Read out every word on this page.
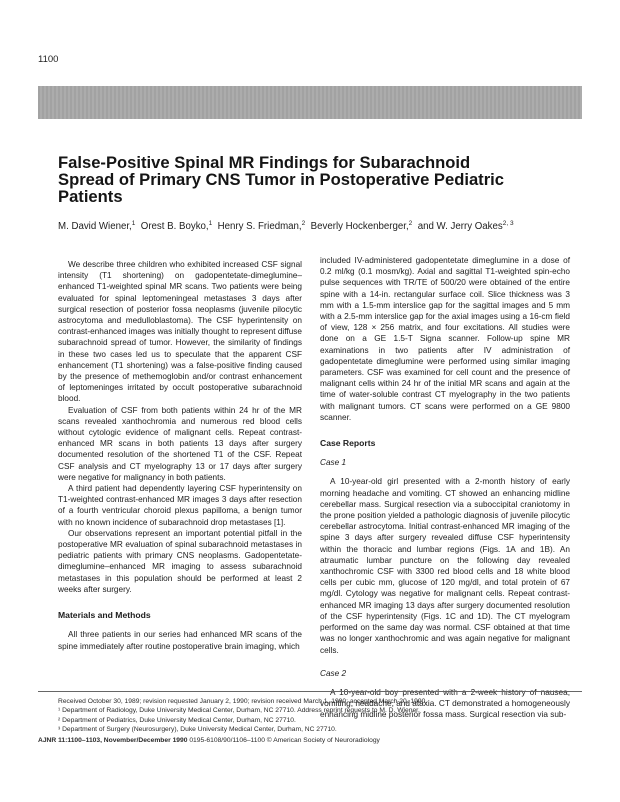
1100
False-Positive Spinal MR Findings for Subarachnoid Spread of Primary CNS Tumor in Postoperative Pediatric Patients
M. David Wiener,$^1$ Orest B. Boyko,$^1$ Henry S. Friedman,$^2$ Beverly Hockenberger,$^2$ and W. Jerry Oakes$^{2, 3}$

We describe three children who exhibited increased CSF signal intensity (T1 shortening) on gadopentetate-dimeglumine–enhanced T1-weighted spinal MR scans. Two patients were being evaluated for spinal leptomeningeal metastases 3 days after surgical resection of posterior fossa neoplasms (juvenile pilocytic astrocytoma and medulloblastoma). The CSF hyperintensity on contrast-enhanced images was initially thought to represent diffuse subarachnoid spread of tumor. However, the similarity of findings in these two cases led us to speculate that the apparent CSF enhancement (T1 shortening) was a false-positive finding caused by the presence of methemoglobin and/or contrast enhancement of leptomeninges irritated by occult postoperative subarachnoid blood.

Evaluation of CSF from both patients within 24 hr of the MR scans revealed xanthochromia and numerous red blood cells without cytologic evidence of malignant cells. Repeat contrast-enhanced MR scans in both patients 13 days after surgery documented resolution of the shortened T1 of the CSF. Repeat CSF analysis and CT myelography 13 or 17 days after surgery were negative for malignancy in both patients.

A third patient had dependently layering CSF hyperintensity on T1-weighted contrast-enhanced MR images 3 days after resection of a fourth ventricular choroid plexus papilloma, a benign tumor with no known incidence of subarachnoid drop metastases [1].

Our observations represent an important potential pitfall in the postoperative MR evaluation of spinal subarachnoid metastases in pediatric patients with primary CNS neoplasms. Gadopentetate-dimeglumine–enhanced MR imaging to assess subarachnoid metastases in this population should be performed at least 2 weeks after surgery.

Materials and Methods

All three patients in our series had enhanced MR scans of the spine immediately after routine postoperative brain imaging, which

included IV-administered gadopentetate dimeglumine in a dose of 0.2 ml/kg (0.1 mosm/kg). Axial and sagittal T1-weighted spin-echo pulse sequences with TR/TE of 500/20 were obtained of the entire spine with a 14-in. rectangular surface coil. Slice thickness was 3 mm with a 1.5-mm interslice gap for the sagittal images and 5 mm with a 2.5-mm interslice gap for the axial images using a 16-cm field of view, 128 × 256 matrix, and four excitations. All studies were done on a GE 1.5-T Signa scanner. Follow-up spine MR examinations in two patients after IV administration of gadopentetate dimeglumine were performed using similar imaging parameters. CSF was examined for cell count and the presence of malignant cells within 24 hr of the initial MR scans and again at the time of water-soluble contrast CT myelography in the two patients with malignant tumors. CT scans were performed on a GE 9800 scanner.

Case Reports
Case 1

A 10-year-old girl presented with a 2-month history of early morning headache and vomiting. CT showed an enhancing midline cerebellar mass. Surgical resection via a suboccipital craniotomy in the prone position yielded a pathologic diagnosis of juvenile pilocytic cerebellar astrocytoma. Initial contrast-enhanced MR imaging of the spine 3 days after surgery revealed diffuse CSF hyperintensity within the thoracic and lumbar regions (Figs. 1A and 1B). An atraumatic lumbar puncture on the following day revealed xanthochromic CSF with 3300 red blood cells and 18 white blood cells per cubic mm, glucose of 120 mg/dl, and total protein of 67 mg/dl. Cytology was negative for malignant cells. Repeat contrast-enhanced MR imaging 13 days after surgery documented resolution of the CSF hyperintensity (Figs. 1C and 1D). The CT myelogram performed on the same day was normal. CSF obtained at that time was no longer xanthochromic and was again negative for malignant cells.

Case 2

A 10-year-old boy presented with a 2-week history of nausea, vomiting, headache, and ataxia. CT demonstrated a homogeneously enhancing midline posterior fossa mass. Surgical resection via sub-

Received October 30, 1989; revision requested January 2, 1990; revision received March 1, 1990; accepted March 20, 1990.
¹ Department of Radiology, Duke University Medical Center, Durham, NC 27710. Address reprint requests to M. D. Wiener.
² Department of Pediatrics, Duke University Medical Center, Durham, NC 27710.
³ Department of Surgery (Neurosurgery), Duke University Medical Center, Durham, NC 27710.
AJNR 11:1100–1103, November/December 1990 0195-6108/90/1106–1100 © American Society of Neuroradiology
